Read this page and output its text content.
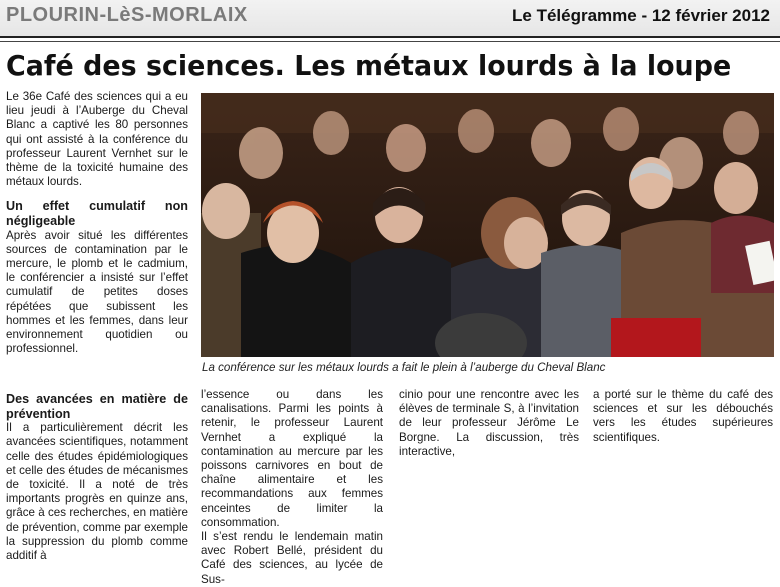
PLOURIN-LèS-MORLAIX	Le Télégramme - 12 février 2012
Café des sciences. Les métaux lourds à la loupe

Le 36e Café des sciences qui a eu lieu jeudi à l’Auberge du Cheval Blanc a captivé les 80 personnes qui ont assisté à la conférence du professeur Laurent Vernhet sur le thème de la toxicité humaine des métaux lourds.

Un effet cumulatif non négligeable

Après avoir situé les différentes sources de contamination par le mercure, le plomb et le cadmium, le conférencier a insisté sur l’effet cumulatif de petites doses répétées que subissent les hommes et les femmes, dans leur environnement quotidien ou professionnel.

Des avancées en matière de prévention

Il a particulièrement décrit les avancées scientifiques, notamment celle des études épidémiologiques et celle des études de mécanismes de toxicité. Il a noté de très importants progrès en quinze ans, grâce à ces recherches, en matière de prévention, comme par exemple la suppression du plomb comme additif à

La conférence sur les métaux lourds a fait le plein à l’auberge du Cheval Blanc

l’essence ou dans les canalisations. Parmi les points à retenir, le professeur Laurent Vernhet a expliqué la contamination au mercure par les poissons carnivores en bout de chaîne alimentaire et les recommandations aux femmes enceintes de limiter la consommation.

Il s’est rendu le lendemain matin avec Robert Bellé, président du Café des sciences, au lycée de Sus-

cinio pour une rencontre avec les élèves de terminale S, à l’invitation de leur professeur Jérôme Le Borgne. La discussion, très interactive,

a porté sur le thème du café des sciences et sur les débouchés vers les études supérieures scientifiques.
